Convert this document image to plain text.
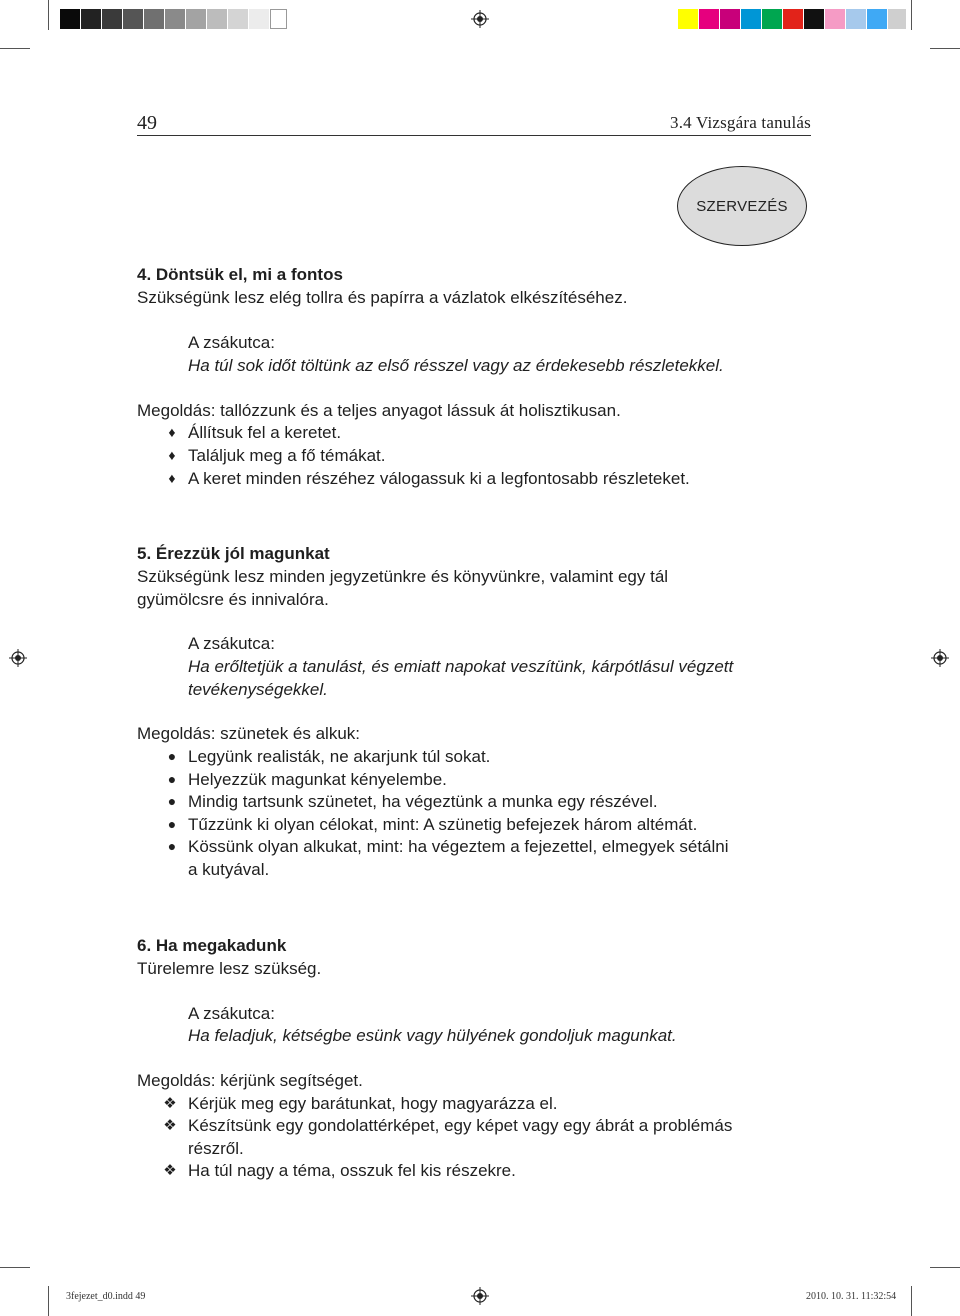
49	3.4 Vizsgára tanulás
SZERVEZÉS
4. Döntsük el, mi a fontos
Szükségünk lesz elég tollra és papírra a vázlatok elkészítéséhez.
A zsákutca:
Ha túl sok időt töltünk az első résszel vagy az érdekesebb részletekkel.
Megoldás: tallózzunk és a teljes anyagot lássuk át holisztikusan.
♦ Állítsuk fel a keretet.
♦ Találjuk meg a fő témákat.
♦ A keret minden részéhez válogassuk ki a legfontosabb részleteket.
5. Érezzük jól magunkat
Szükségünk lesz minden jegyzetünkre és könyvünkre, valamint egy tál
gyümölcsre és innivalóra.
A zsákutca:
Ha erőltetjük a tanulást, és emiatt napokat veszítünk, kárpótlásul végzett
tevékenységekkel.
Megoldás: szünetek és alkuk:
● Legyünk realisták, ne akarjunk túl sokat.
● Helyezzük magunkat kényelembe.
● Mindig tartsunk szünetet, ha végeztünk a munka egy részével.
● Tűzzünk ki olyan célokat, mint: A szünetig befejezek három altémát.
● Kössünk olyan alkukat, mint: ha végeztem a fejezettel, elmegyek sétálni
a kutyával.
6. Ha megakadunk
Türelemre lesz szükség.
A zsákutca:
Ha feladjuk, kétségbe esünk vagy hülyének gondoljuk magunkat.
Megoldás: kérjünk segítséget.
❖ Kérjük meg egy barátunkat, hogy magyarázza el.
❖ Készítsünk egy gondolattérképet, egy képet vagy egy ábrát a problémás
részről.
❖ Ha túl nagy a téma, osszuk fel kis részekre.
3fejezet_d0.indd 49	2010. 10. 31. 11:32:54
